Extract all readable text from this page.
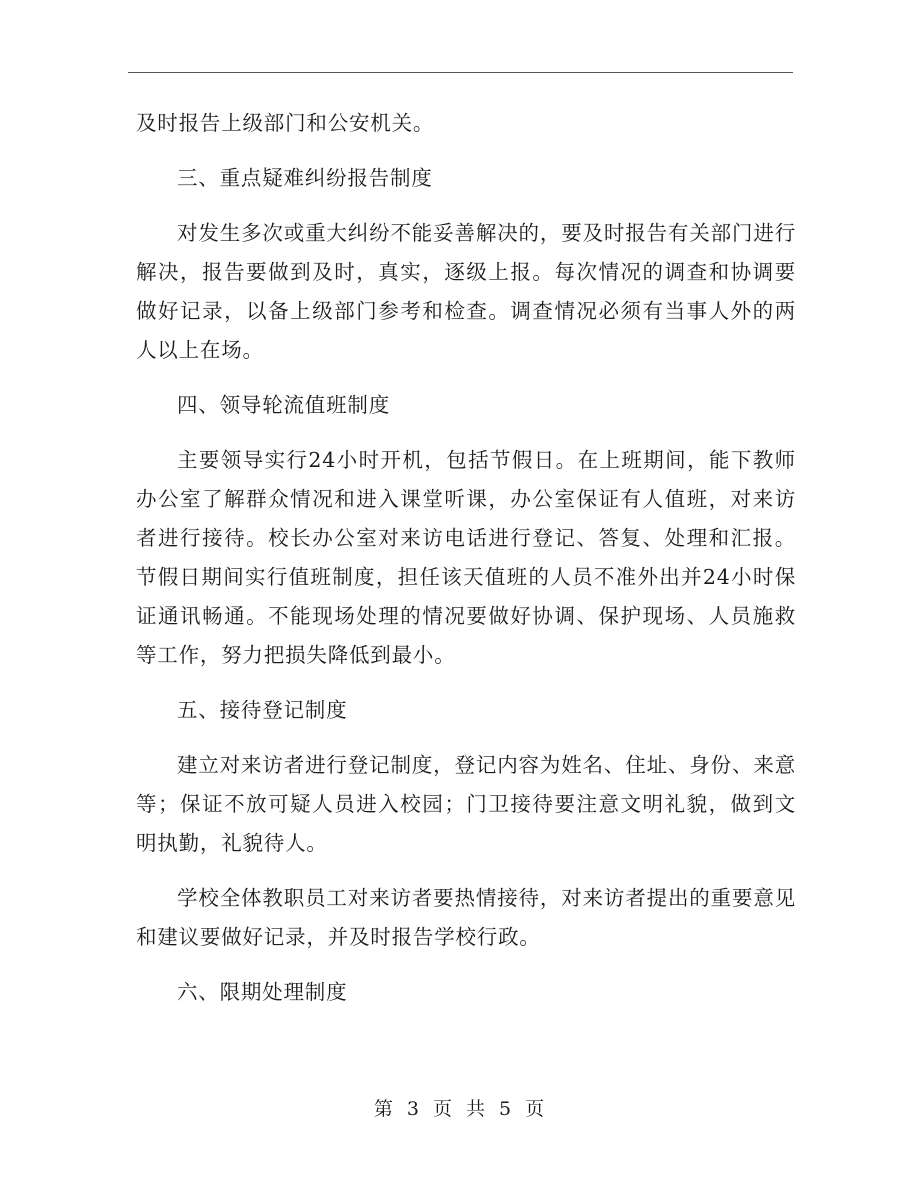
及时报告上级部门和公安机关。

三、重点疑难纠纷报告制度

对发生多次或重大纠纷不能妥善解决的，要及时报告有关部门进行解决，报告要做到及时，真实，逐级上报。每次情况的调查和协调要做好记录，以备上级部门参考和检查。调查情况必须有当事人外的两人以上在场。

四、领导轮流值班制度

主要领导实行24小时开机，包括节假日。在上班期间，能下教师办公室了解群众情况和进入课堂听课，办公室保证有人值班，对来访者进行接待。校长办公室对来访电话进行登记、答复、处理和汇报。节假日期间实行值班制度，担任该天值班的人员不准外出并24小时保证通讯畅通。不能现场处理的情况要做好协调、保护现场、人员施救等工作，努力把损失降低到最小。

五、接待登记制度

建立对来访者进行登记制度，登记内容为姓名、住址、身份、来意等；保证不放可疑人员进入校园；门卫接待要注意文明礼貌，做到文明执勤，礼貌待人。

学校全体教职员工对来访者要热情接待，对来访者提出的重要意见和建议要做好记录，并及时报告学校行政。

六、限期处理制度

第 3 页 共 5 页
